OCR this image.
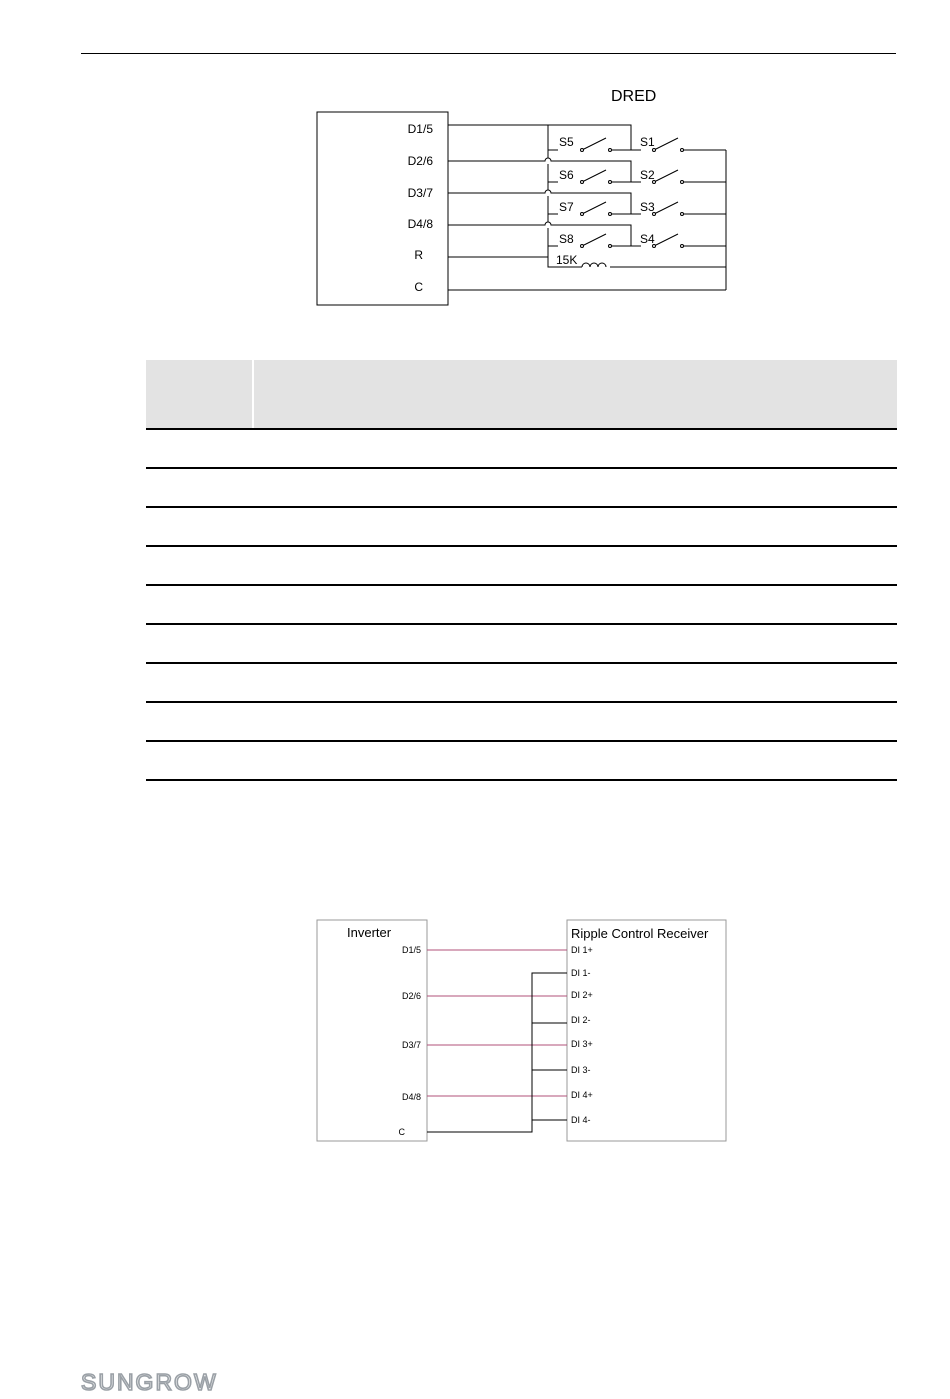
DRED
D1/5
D2/6
D3/7
D4/8
R
C
S5
S6
S7
S8
S1
S2
S3
S4
15K
Inverter	Ripple Control Receiver
D1/5
D2/6
D3/7
D4/8
C
DI 1+
DI 1-
DI 2+
DI 2-
DI 3+
DI 3-
DI 4+
DI 4-
SUNGROW
